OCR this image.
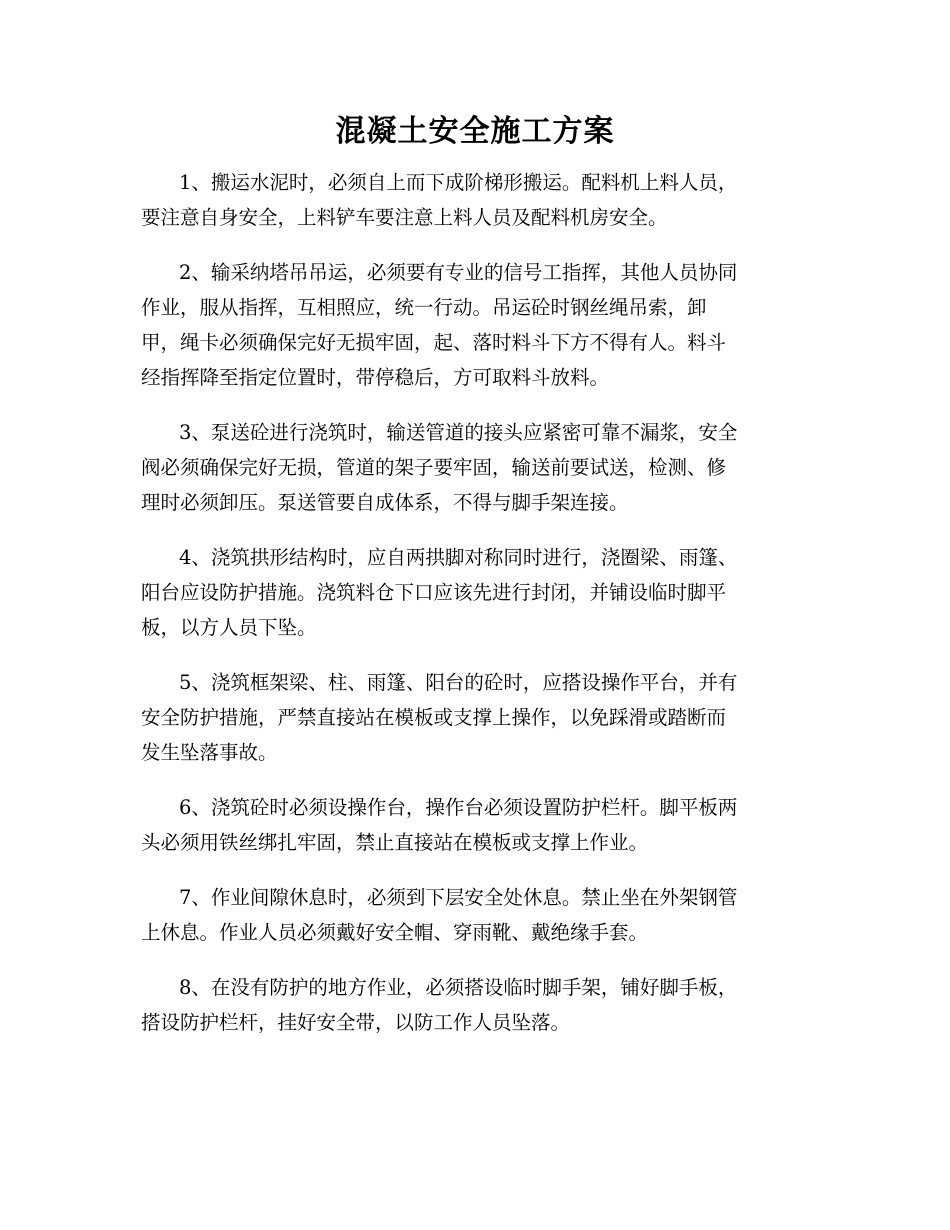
混凝土安全施工方案

1、搬运水泥时，必须自上而下成阶梯形搬运。配料机上料人员，
要注意自身安全，上料铲车要注意上料人员及配料机房安全。

2、输采纳塔吊吊运，必须要有专业的信号工指挥，其他人员协同
作业，服从指挥，互相照应，统一行动。吊运砼时钢丝绳吊索，卸
甲，绳卡必须确保完好无损牢固，起、落时料斗下方不得有人。料斗
经指挥降至指定位置时，带停稳后，方可取料斗放料。

3、泵送砼进行浇筑时，输送管道的接头应紧密可靠不漏浆，安全
阀必须确保完好无损，管道的架子要牢固，输送前要试送，检测、修
理时必须卸压。泵送管要自成体系，不得与脚手架连接。

4、浇筑拱形结构时，应自两拱脚对称同时进行，浇圈梁、雨篷、
阳台应设防护措施。浇筑料仓下口应该先进行封闭，并铺设临时脚平
板，以方人员下坠。

5、浇筑框架梁、柱、雨篷、阳台的砼时，应搭设操作平台，并有
安全防护措施，严禁直接站在模板或支撑上操作，以免踩滑或踏断而
发生坠落事故。

6、浇筑砼时必须设操作台，操作台必须设置防护栏杆。脚平板两
头必须用铁丝绑扎牢固，禁止直接站在模板或支撑上作业。

7、作业间隙休息时，必须到下层安全处休息。禁止坐在外架钢管
上休息。作业人员必须戴好安全帽、穿雨靴、戴绝缘手套。

8、在没有防护的地方作业，必须搭设临时脚手架，铺好脚手板，
搭设防护栏杆，挂好安全带，以防工作人员坠落。
